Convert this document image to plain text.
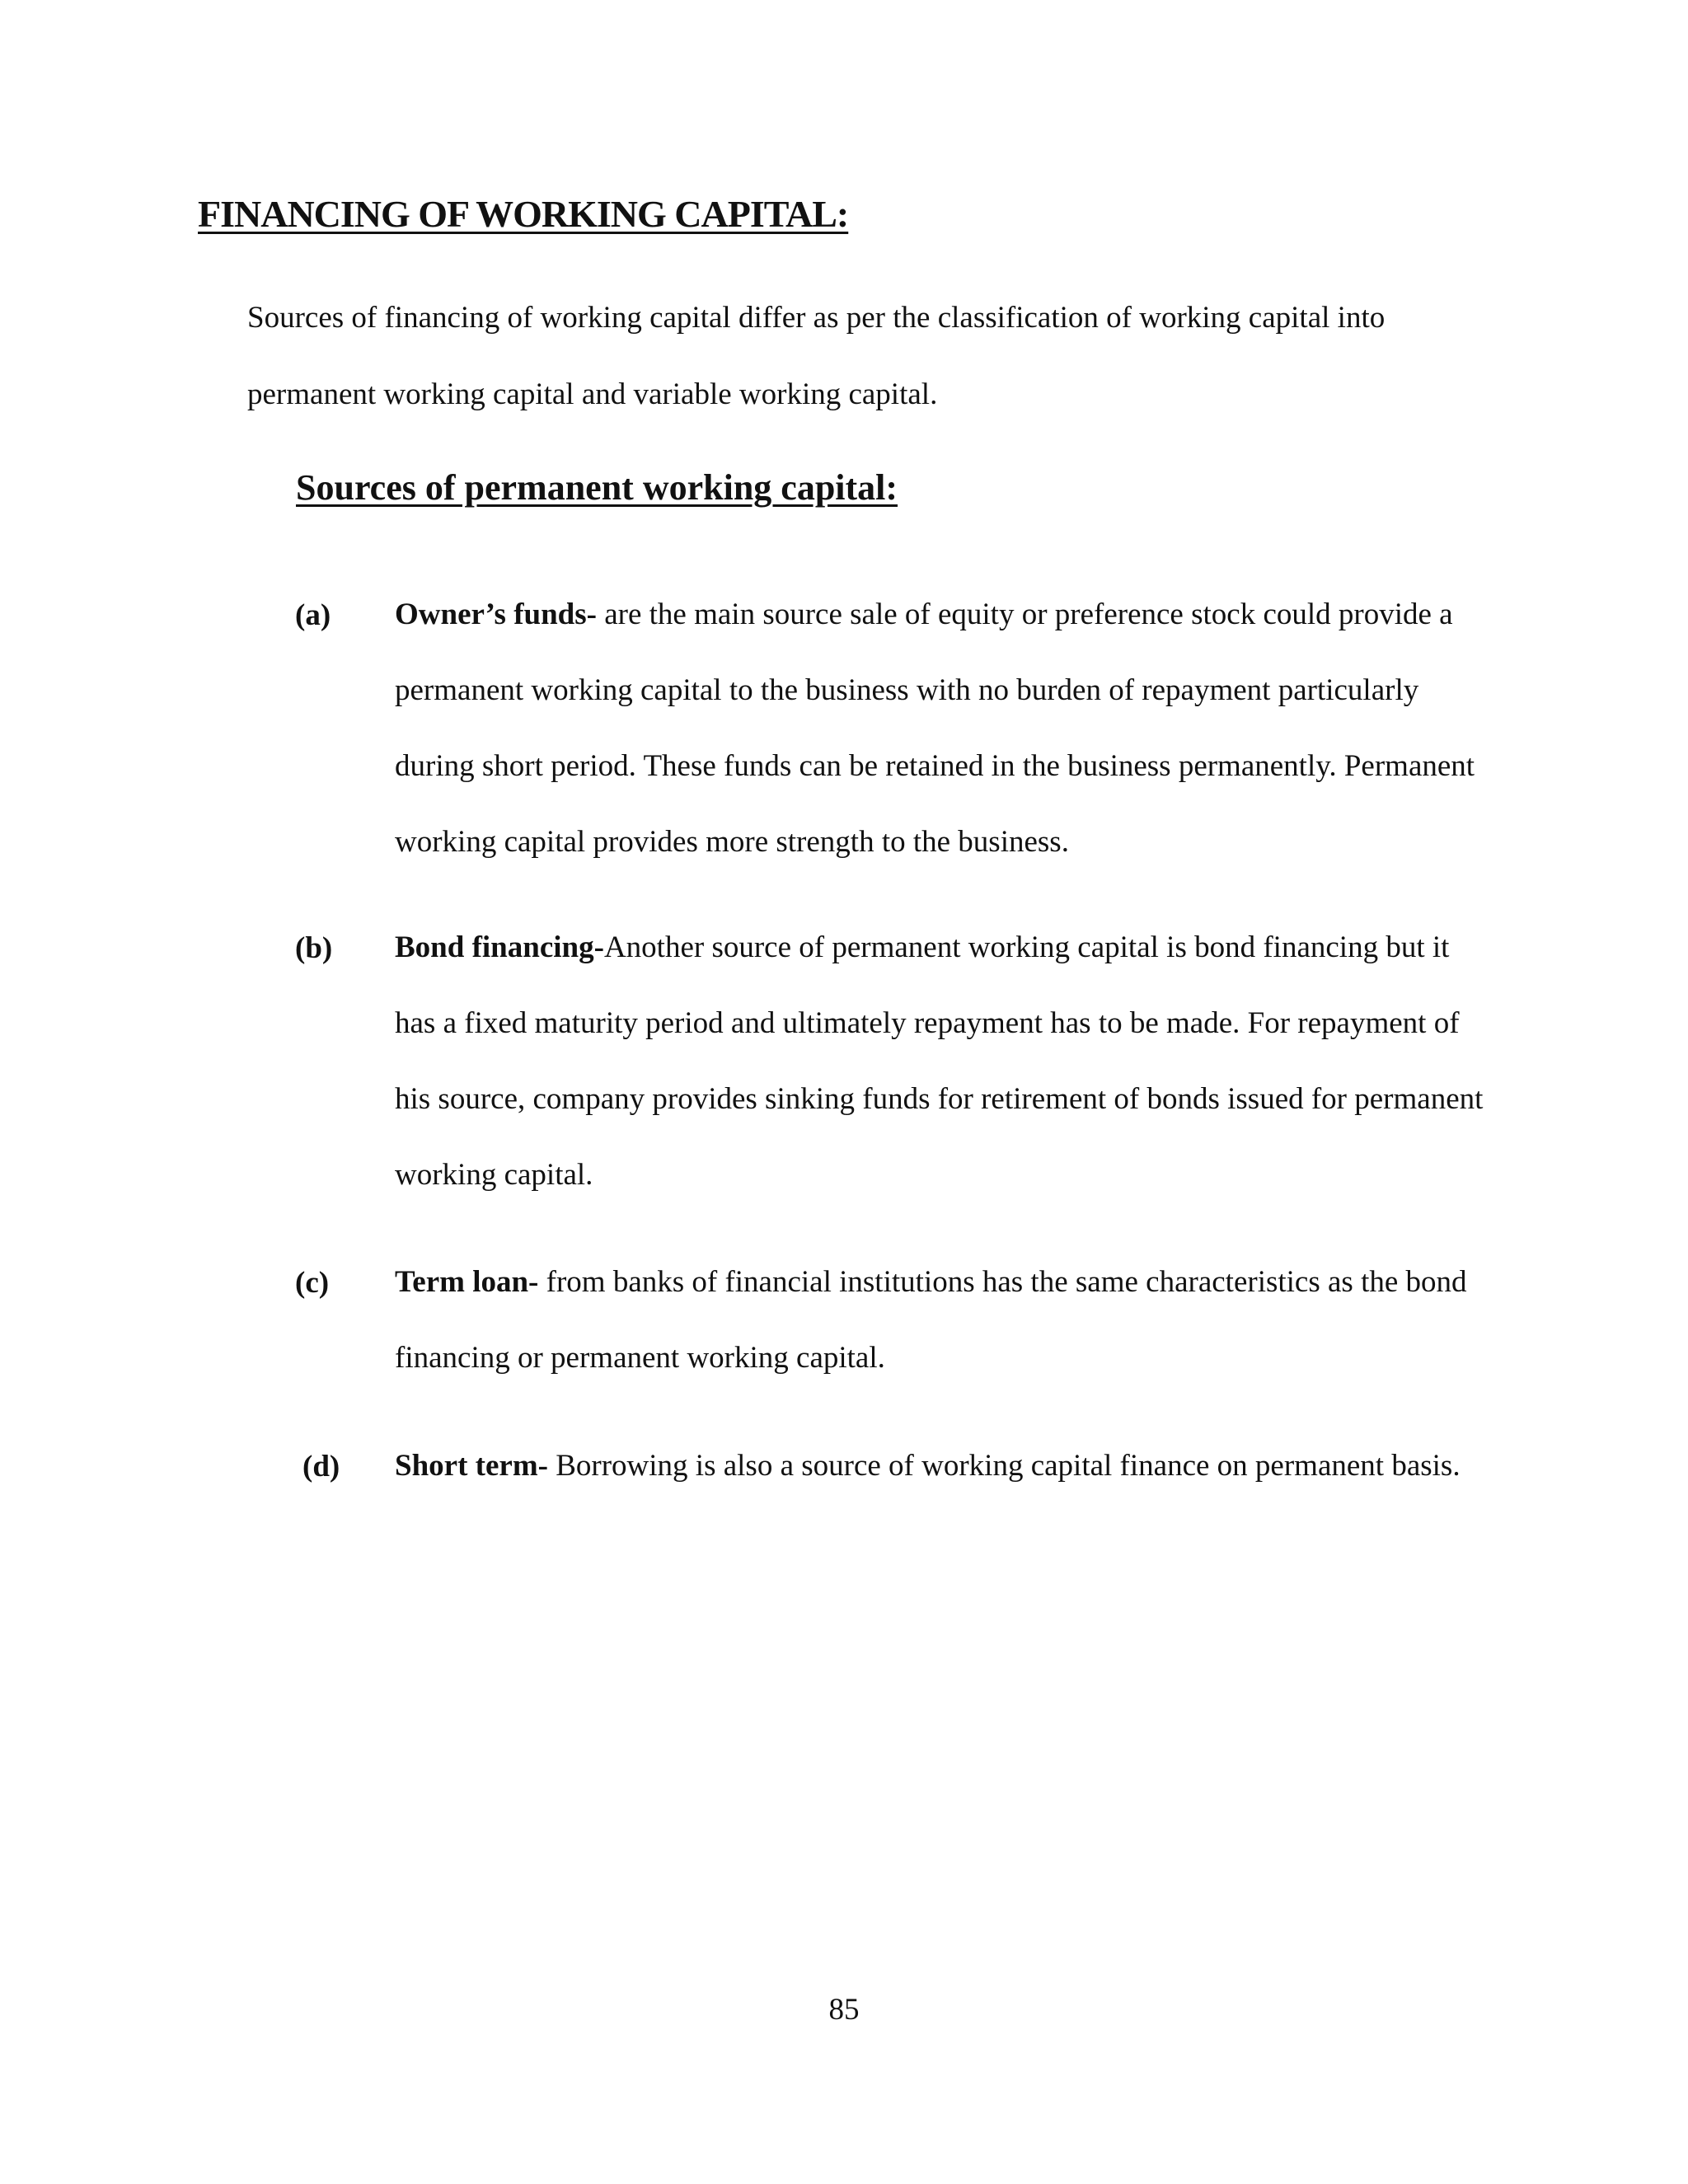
FINANCING OF WORKING CAPITAL:

Sources of financing of working capital differ as per the classification of working capital into permanent working capital and variable working capital.

Sources of permanent working capital:
(a) Owner’s funds- are the main source sale of equity or preference stock could provide a permanent working capital to the business with no burden of repayment particularly during short period. These funds can be retained in the business permanently. Permanent working capital provides more strength to the business.

(b) Bond financing-Another source of permanent working capital is bond financing but it has a fixed maturity period and ultimately repayment has to be made. For repayment of his source, company provides sinking funds for retirement of bonds issued for permanent working capital.

(c) Term loan- from banks of financial institutions has the same characteristics as the bond financing or permanent working capital.

(d) Short term- Borrowing is also a source of working capital finance on permanent basis.

85
